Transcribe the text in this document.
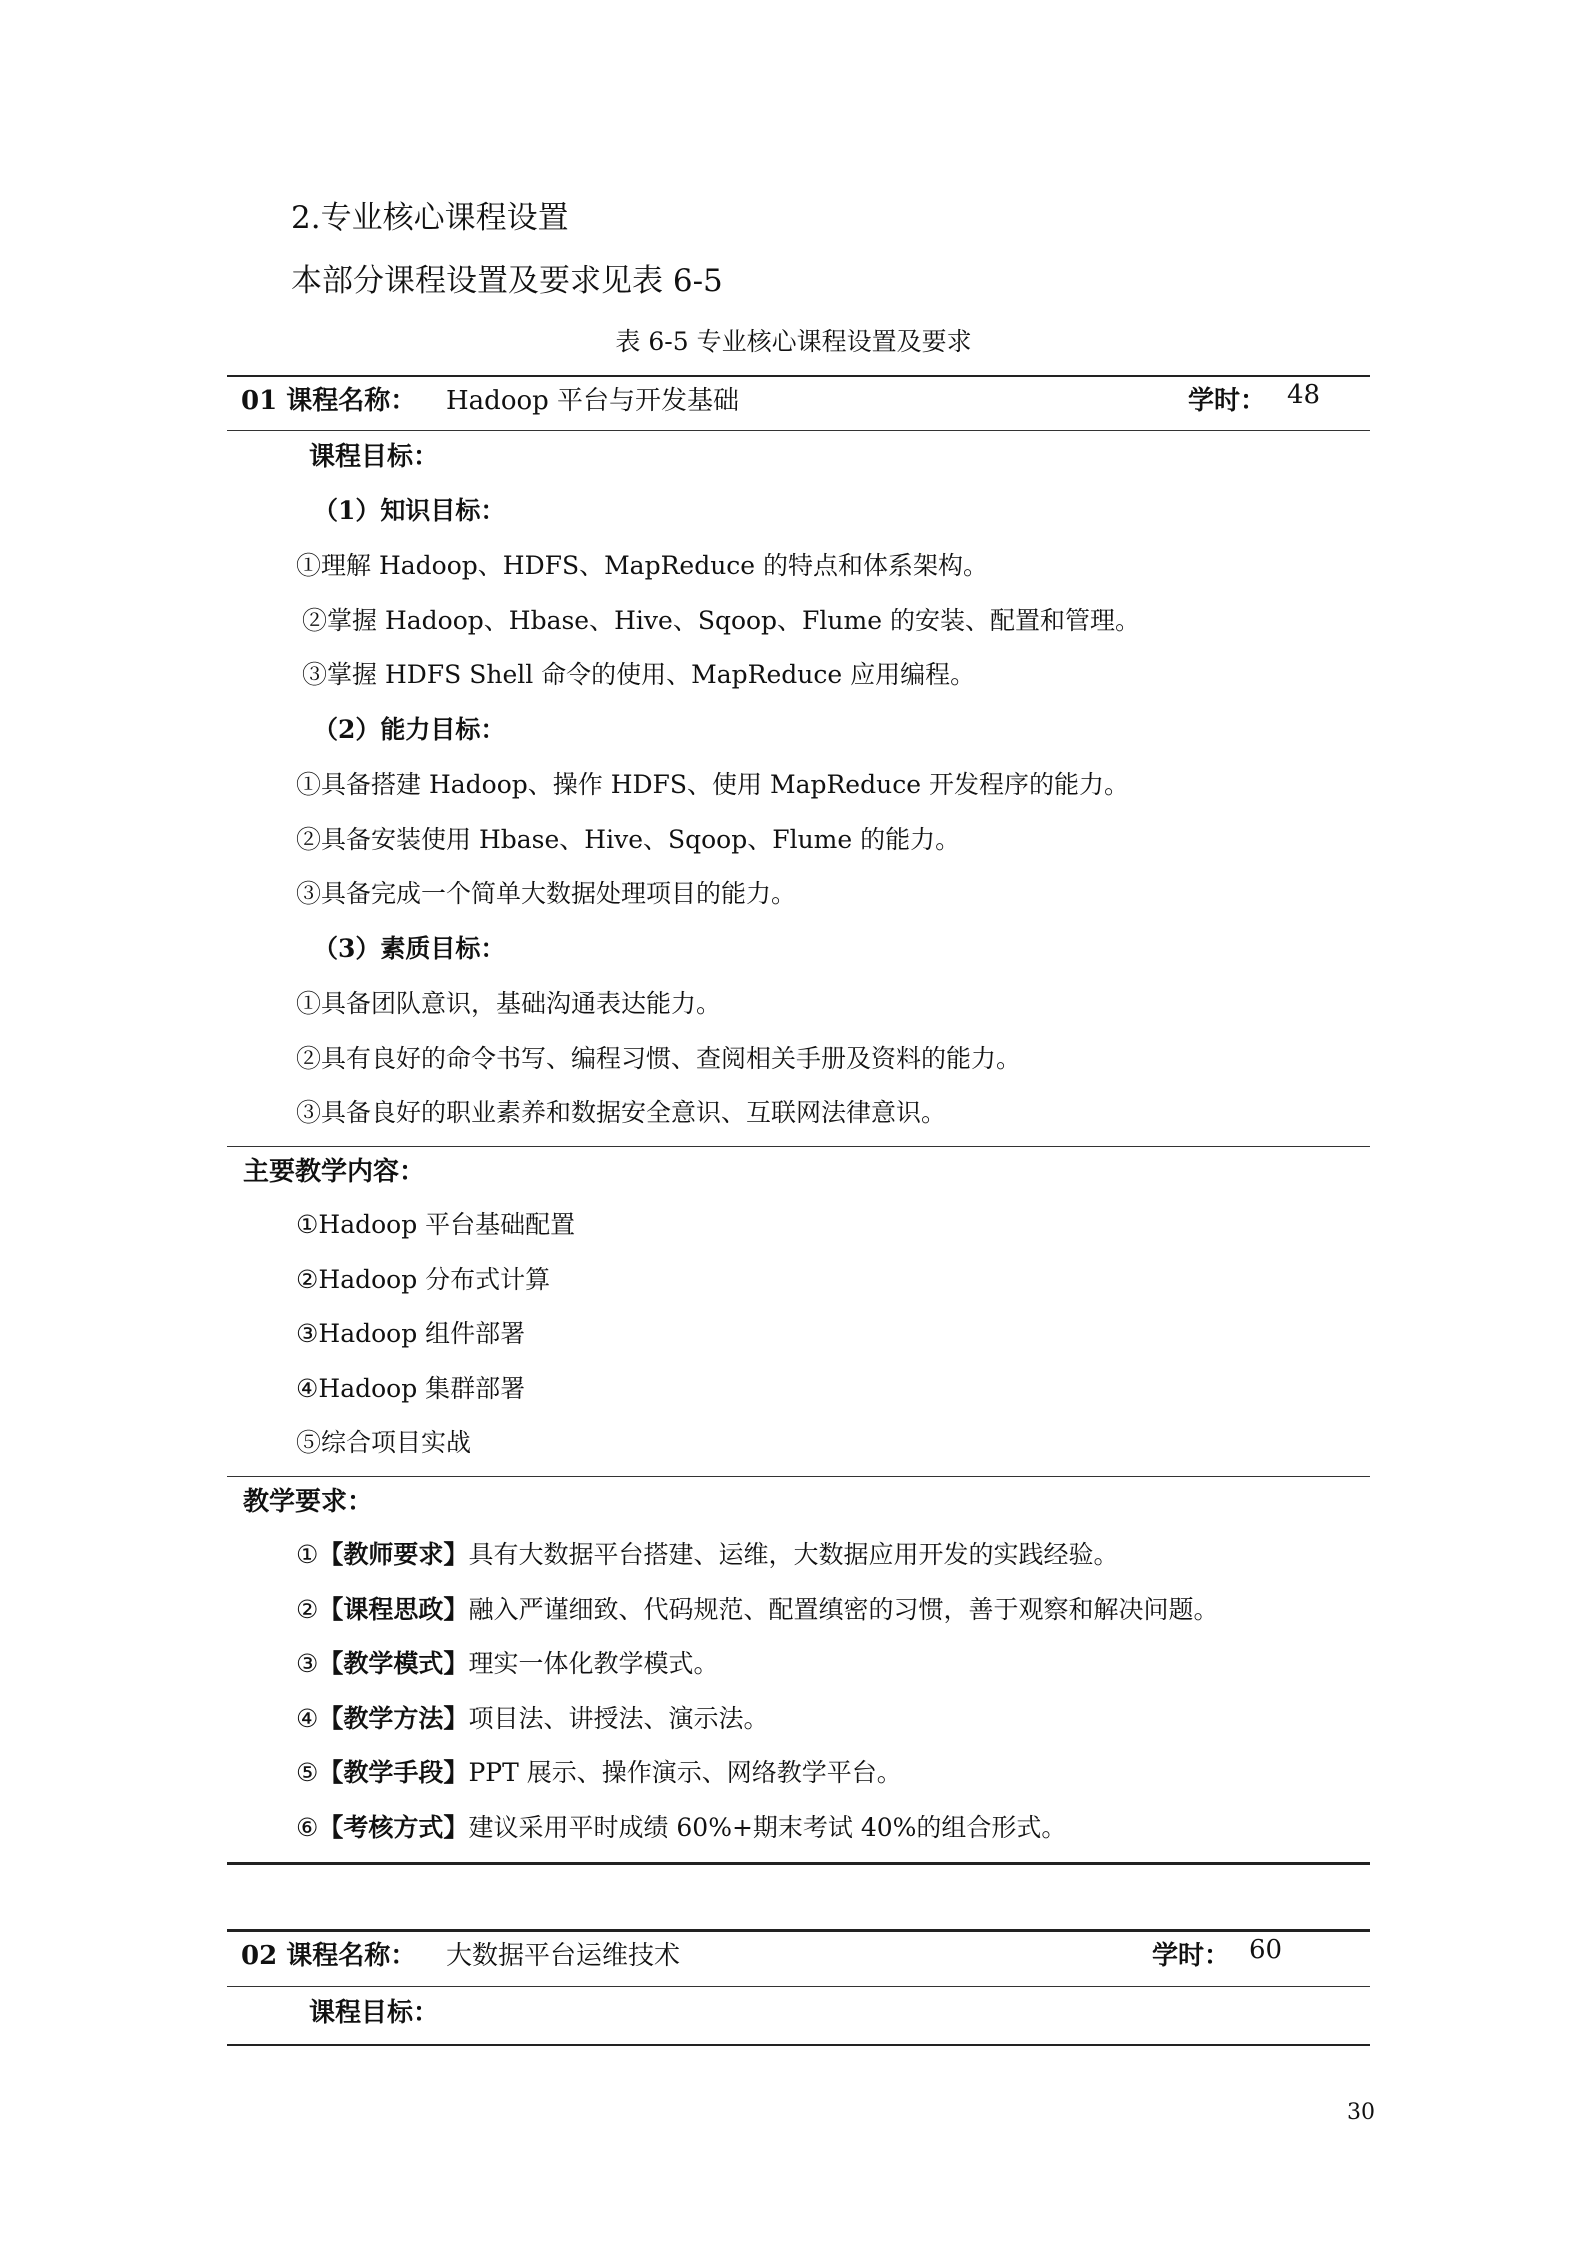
2.专业核心课程设置
本部分课程设置及要求见表 6-5
表 6-5 专业核心课程设置及要求
01 课程名称： Hadoop 平台与开发基础	学时： 48
课程目标：
（1）知识目标：
①理解 Hadoop、HDFS、MapReduce 的特点和体系架构。
②掌握 Hadoop、Hbase、Hive、Sqoop、Flume 的安装、配置和管理。
③掌握 HDFS Shell 命令的使用、MapReduce 应用编程。
（2）能力目标：
①具备搭建 Hadoop、操作 HDFS、使用 MapReduce 开发程序的能力。
②具备安装使用 Hbase、Hive、Sqoop、Flume 的能力。
③具备完成一个简单大数据处理项目的能力。
（3）素质目标：
①具备团队意识，基础沟通表达能力。
②具有良好的命令书写、编程习惯、查阅相关手册及资料的能力。
③具备良好的职业素养和数据安全意识、互联网法律意识。
主要教学内容：
①Hadoop 平台基础配置
②Hadoop 分布式计算
③Hadoop 组件部署
④Hadoop 集群部署
⑤综合项目实战
教学要求：
①【教师要求】具有大数据平台搭建、运维，大数据应用开发的实践经验。
②【课程思政】融入严谨细致、代码规范、配置缜密的习惯，善于观察和解决问题。
③【教学模式】理实一体化教学模式。
④【教学方法】项目法、讲授法、演示法。
⑤【教学手段】PPT 展示、操作演示、网络教学平台。
⑥【考核方式】建议采用平时成绩 60%+期末考试 40%的组合形式。
02 课程名称： 大数据平台运维技术	学时： 60
课程目标：
30
